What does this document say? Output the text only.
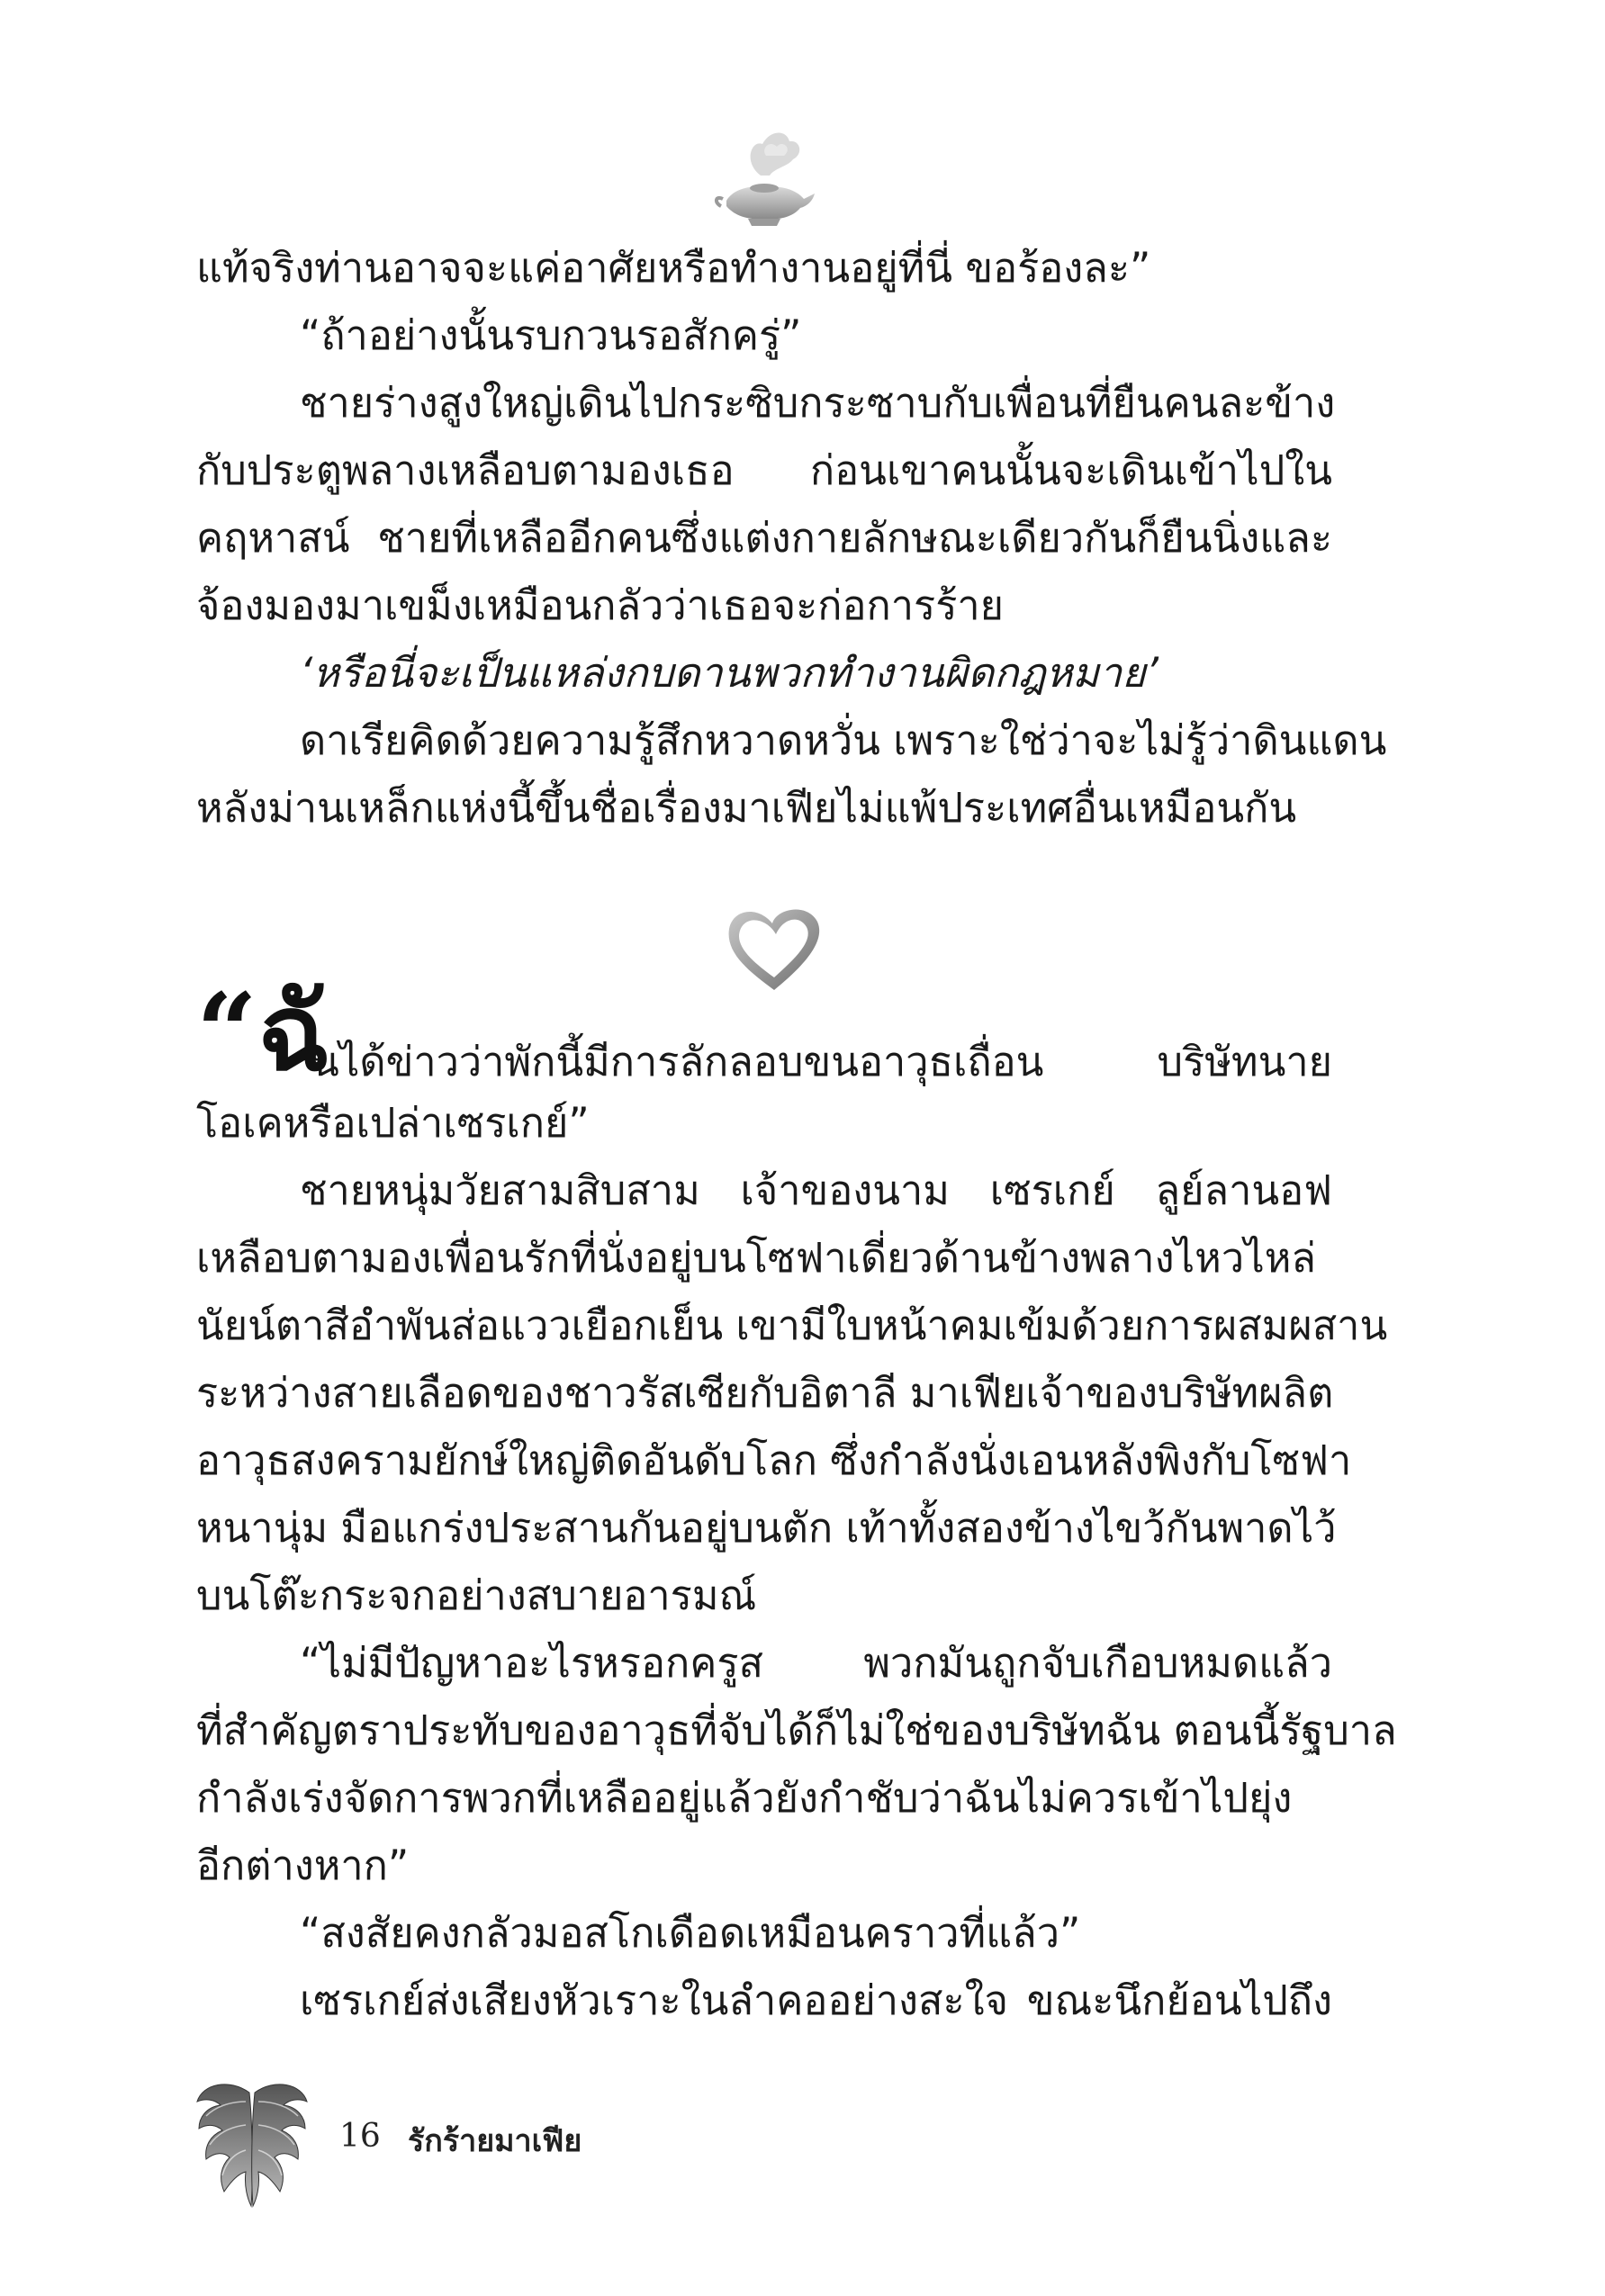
แท้จริงท่านอาจจะแค่อาศัยหรือทำงานอยู่ที่นี่ ขอร้องละ”
“ถ้าอย่างนั้นรบกวนรอสักครู่”
ชายร่างสูงใหญ่เดินไปกระซิบกระซาบกับเพื่อนที่ยืนคนละข้าง
กับประตูพลางเหลือบตามองเธอ ก่อนเขาคนนั้นจะเดินเข้าไปใน
คฤหาสน์ ชายที่เหลืออีกคนซึ่งแต่งกายลักษณะเดียวกันก็ยืนนิ่งและ
จ้องมองมาเขม็งเหมือนกลัวว่าเธอจะก่อการร้าย
‘หรือนี่จะเป็นแหล่งกบดานพวกทำงานผิดกฎหมาย’
ดาเรียคิดด้วยความรู้สึกหวาดหวั่น เพราะใช่ว่าจะไม่รู้ว่าดินแดน
หลังม่านเหล็กแห่งนี้ขึ้นชื่อเรื่องมาเฟียไม่แพ้ประเทศอื่นเหมือนกัน
“ฉั
นได้ข่าวว่าพักนี้มีการลักลอบขนอาวุธเถื่อน บริษัทนาย
โอเคหรือเปล่าเซรเกย์”
ชายหนุ่มวัยสามสิบสาม เจ้าของนาม เซรเกย์ ลูย์ลานอฟ
เหลือบตามองเพื่อนรักที่นั่งอยู่บนโซฟาเดี่ยวด้านข้างพลางไหวไหล่
นัยน์ตาสีอำพันส่อแววเยือกเย็น เขามีใบหน้าคมเข้มด้วยการผสมผสาน
ระหว่างสายเลือดของชาวรัสเซียกับอิตาลี มาเฟียเจ้าของบริษัทผลิต
อาวุธสงครามยักษ์ใหญ่ติดอันดับโลก ซึ่งกำลังนั่งเอนหลังพิงกับโซฟา
หนานุ่ม มือแกร่งประสานกันอยู่บนตัก เท้าทั้งสองข้างไขว้กันพาดไว้
บนโต๊ะกระจกอย่างสบายอารมณ์
“ไม่มีปัญหาอะไรหรอกครูส พวกมันถูกจับเกือบหมดแล้ว
ที่สำคัญตราประทับของอาวุธที่จับได้ก็ไม่ใช่ของบริษัทฉัน ตอนนี้รัฐบาล
กำลังเร่งจัดการพวกที่เหลืออยู่แล้วยังกำชับว่าฉันไม่ควรเข้าไปยุ่ง
อีกต่างหาก”
“สงสัยคงกลัวมอสโกเดือดเหมือนคราวที่แล้ว”
เซรเกย์ส่งเสียงหัวเราะในลำคออย่างสะใจ ขณะนึกย้อนไปถึง
16 รักร้ายมาเฟีย
